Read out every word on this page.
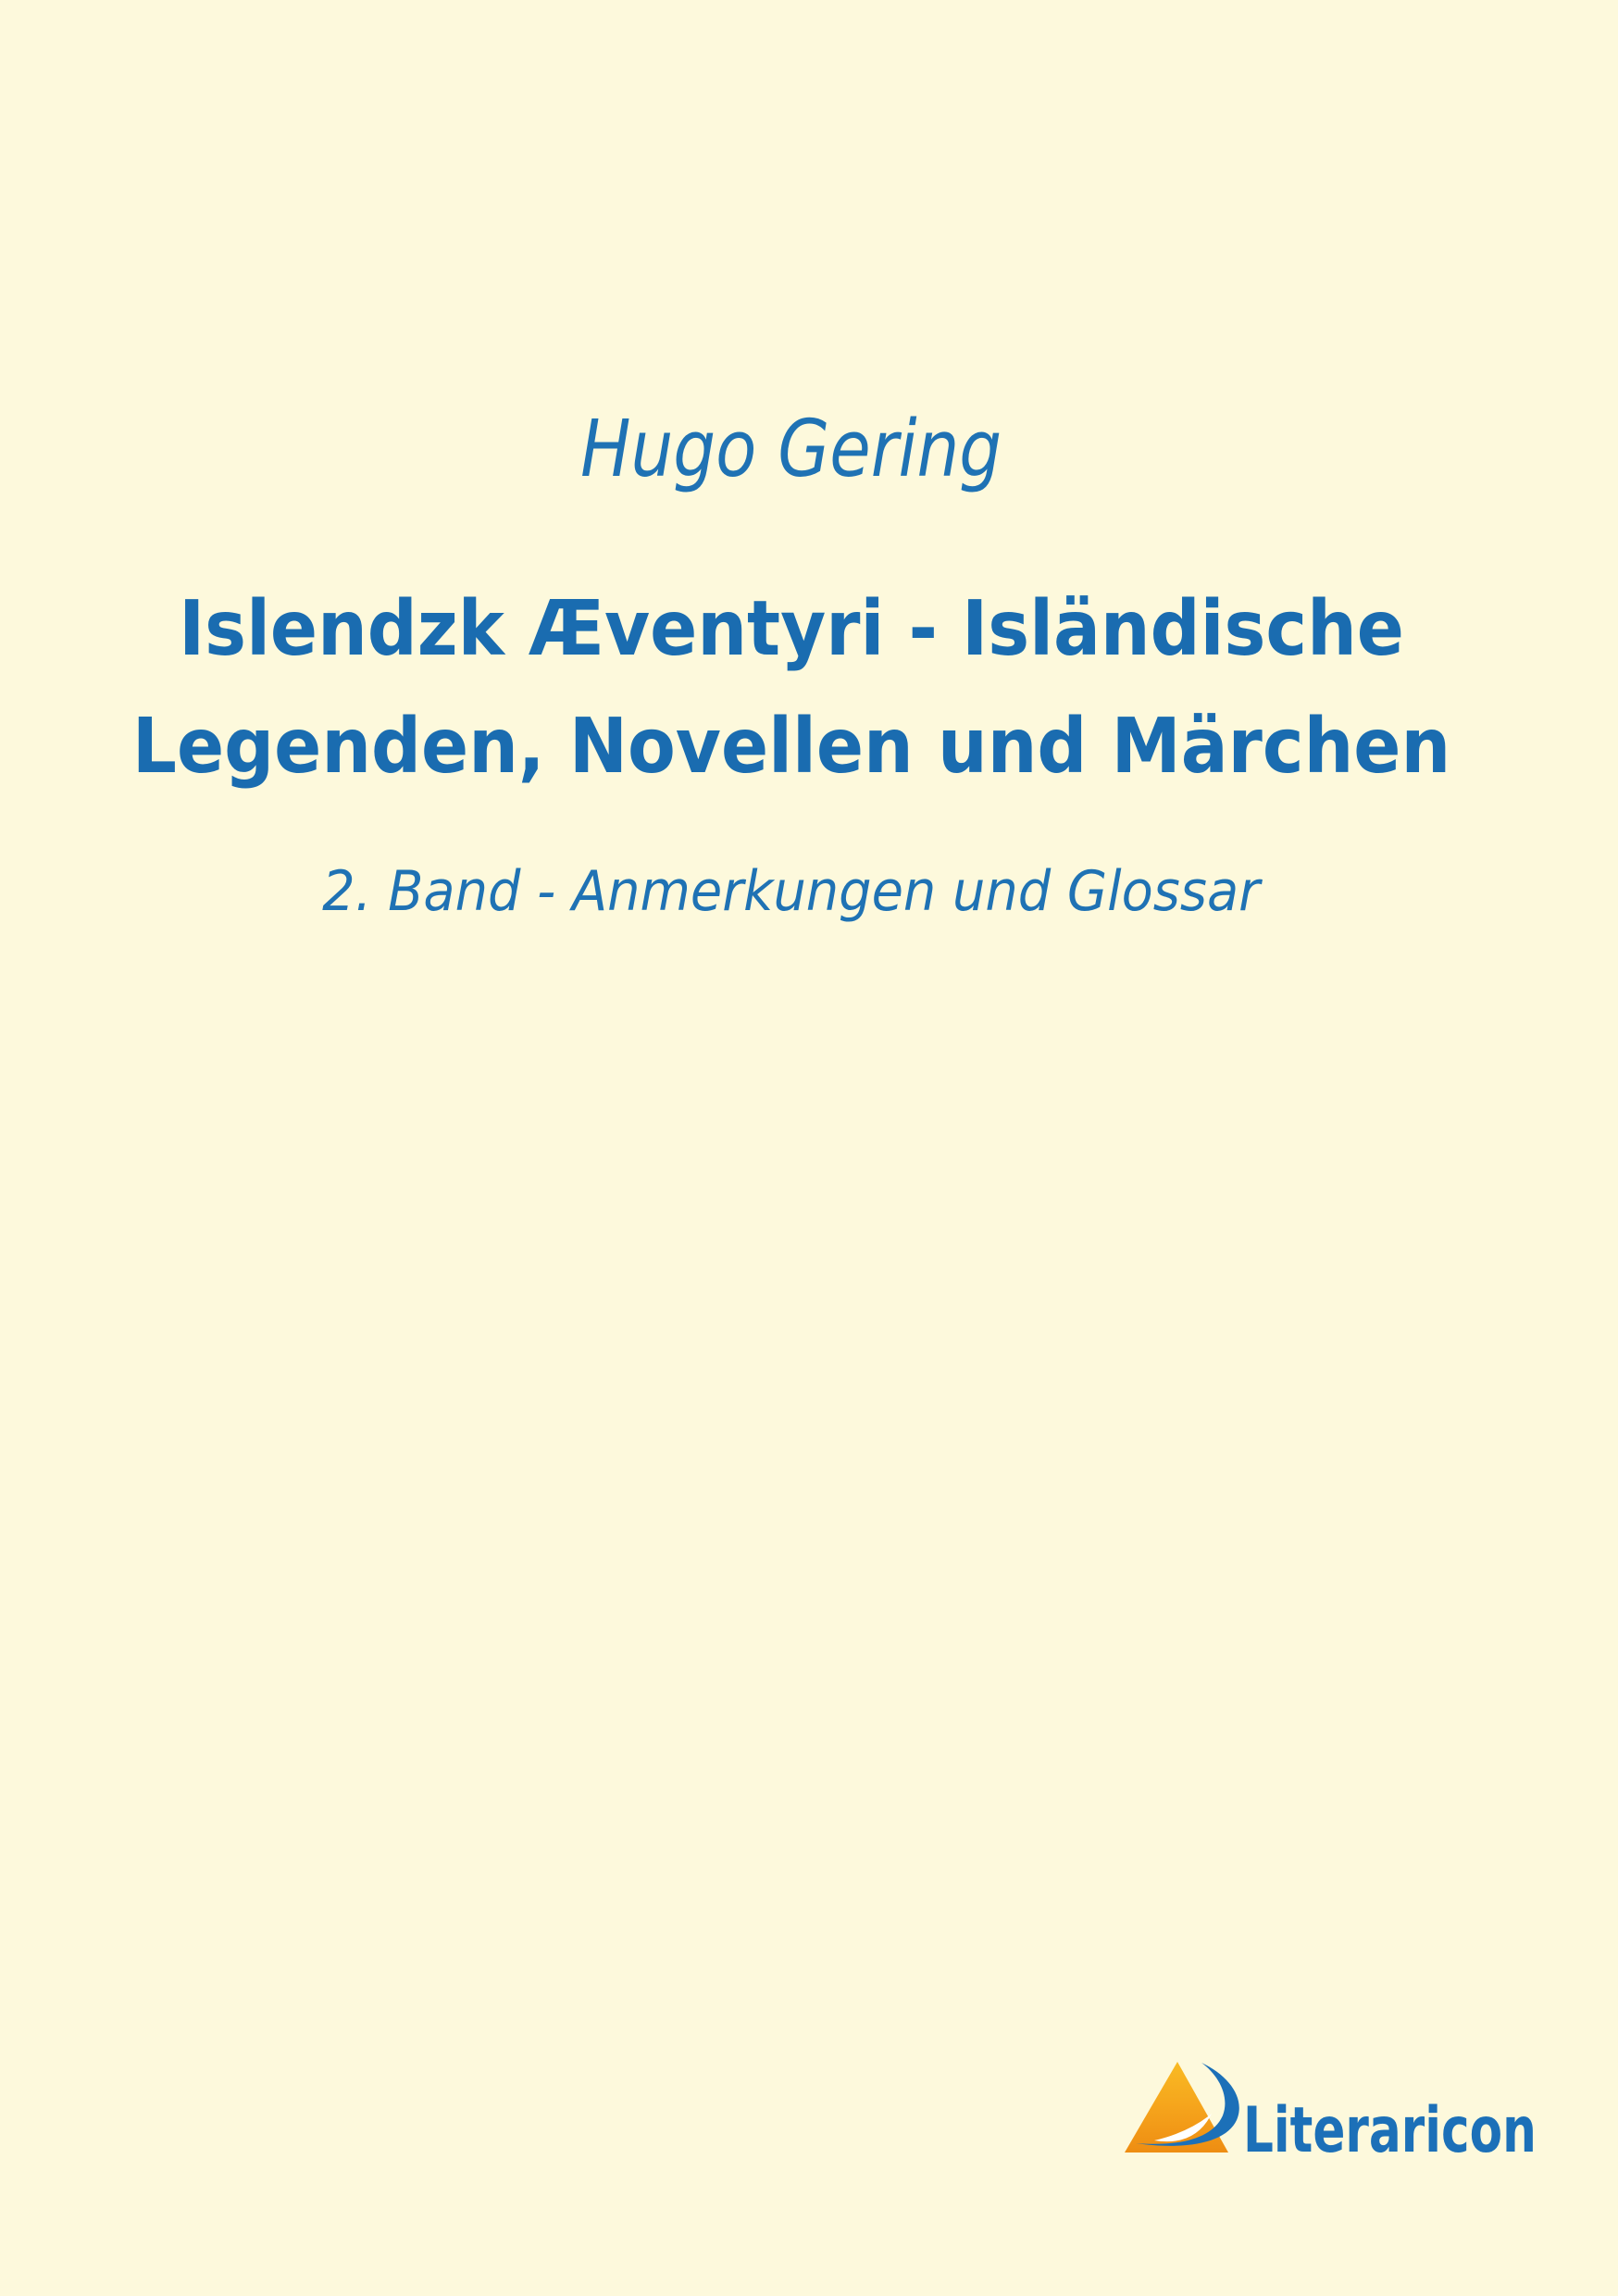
Hugo Gering
Islendzk Æventyri - Isländische
Legenden, Novellen und Märchen
2. Band - Anmerkungen und Glossar
Literaricon
